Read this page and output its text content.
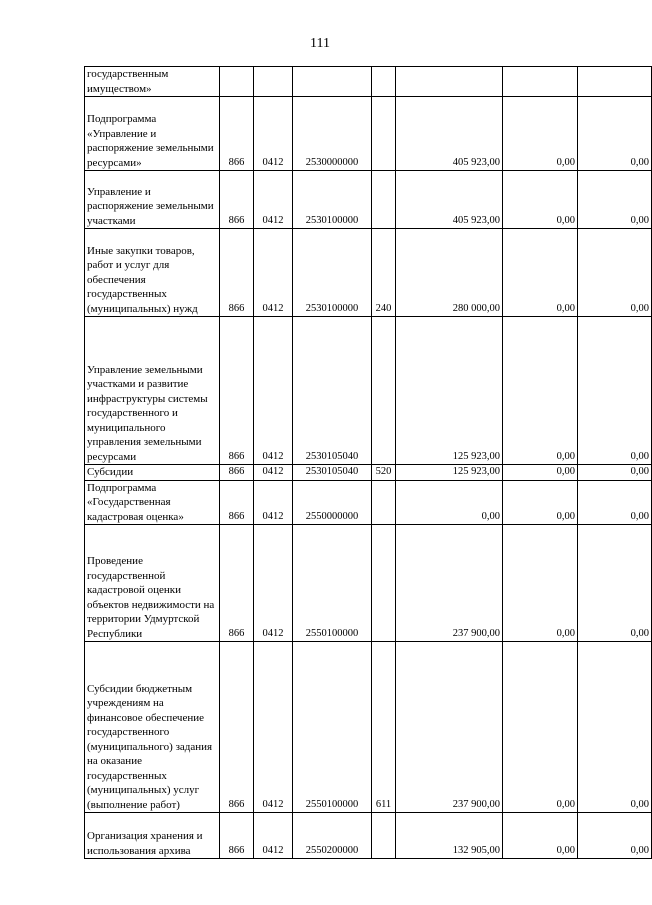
111
государственным имуществом»							
Подпрограмма «Управление и распоряжение земельными ресурсами»	866	0412	2530000000		405 923,00	0,00	0,00
Управление и распоряжение земельными участками	866	0412	2530100000		405 923,00	0,00	0,00
Иные закупки товаров, работ и услуг для обеспечения государственных (муниципальных) нужд	866	0412	2530100000	240	280 000,00	0,00	0,00
Управление земельными участками и развитие инфраструктуры системы государственного и муниципального управления земельными ресурсами	866	0412	2530105040		125 923,00	0,00	0,00
Субсидии	866	0412	2530105040	520	125 923,00	0,00	0,00
Подпрограмма «Государственная кадастровая оценка»	866	0412	2550000000		0,00	0,00	0,00
Проведение государственной кадастровой оценки объектов недвижимости на территории Удмуртской Республики	866	0412	2550100000		237 900,00	0,00	0,00
Субсидии бюджетным учреждениям на финансовое обеспечение государственного (муниципального) задания на оказание государственных (муниципальных) услуг (выполнение работ)	866	0412	2550100000	611	237 900,00	0,00	0,00
Организация хранения и использования архива	866	0412	2550200000		132 905,00	0,00	0,00
